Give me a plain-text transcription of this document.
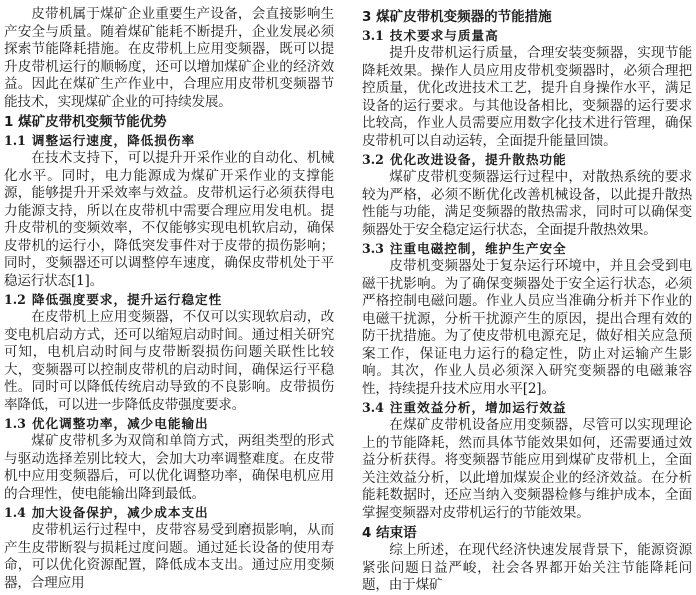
皮带机属于煤矿企业重要生产设备，会直接影响生产安全与质量。随着煤矿能耗不断提升，企业发展必须探索节能降耗措施。在皮带机上应用变频器，既可以提升皮带机运行的顺畅度，还可以增加煤矿企业的经济效益。因此在煤矿生产作业中，合理应用皮带机变频器节能技术，实现煤矿企业的可持续发展。

1 煤矿皮带机变频节能优势
1.1 调整运行速度，降低损伤率

在技术支持下，可以提升开采作业的自动化、机械化水平。同时，电力能源成为煤矿开采作业的支撑能源，能够提升开采效率与效益。皮带机运行必须获得电力能源支持，所以在皮带机中需要合理应用发电机。提升皮带机的变频效率，不仅能够实现电机软启动，确保皮带机的运行小，降低突发事件对于皮带的损伤影响；同时，变频器还可以调整停车速度，确保皮带机处于平稳运行状态[1]。

1.2 降低强度要求，提升运行稳定性

在皮带机上应用变频器，不仅可以实现软启动，改变电机启动方式，还可以缩短启动时间。通过相关研究可知，电机启动时间与皮带断裂损伤问题关联性比较大，变频器可以控制皮带机的启动时间，确保运行平稳性。同时可以降低传统启动导致的不良影响。皮带损伤率降低，可以进一步降低皮带强度要求。

1.3 优化调整功率，减少电能输出

煤矿皮带机多为双筒和单筒方式，两组类型的形式与驱动选择差别比较大，会加大功率调整难度。在皮带机中应用变频器后，可以优化调整功率，确保电机应用的合理性，使电能输出降到最低。

1.4 加大设备保护，减少成本支出

皮带机运行过程中，皮带容易受到磨损影响，从而产生皮带断裂与损耗过度问题。通过延长设备的使用寿命，可以优化资源配置，降低成本支出。通过应用变频器，合理应用

3 煤矿皮带机变频器的节能措施
3.1 技术要求与质量高

提升皮带机运行质量，合理安装变频器，实现节能降耗效果。操作人员应用皮带机变频器时，必须合理把控质量，优化改进技术工艺，提升自身操作水平，满足设备的运行要求。与其他设备相比，变频器的运行要求比较高，作业人员需要应用数字化技术进行管理，确保皮带机可以自动运转，全面提升能量回馈。

3.2 优化改进设备，提升散热功能

煤矿皮带机变频器运行过程中，对散热系统的要求较为严格，必须不断优化改善机械设备，以此提升散热性能与功能，满足变频器的散热需求，同时可以确保变频器处于安全稳定运行状态，全面提升散热效果。

3.3 注重电磁控制，维护生产安全

皮带机变频器处于复杂运行环境中，并且会受到电磁干扰影响。为了确保变频器处于安全运行状态，必须严格控制电磁问题。作业人员应当准确分析并下作业的电磁干扰源，分析干扰源产生的原因，提出合理有效的防干扰措施。为了使皮带机电源充足，做好相关应急预案工作，保证电力运行的稳定性，防止对运输产生影响。其次，作业人员必须深入研究变频器的电磁兼容性，持续提升技术应用水平[2]。

3.4 注重效益分析，增加运行效益

在煤矿皮带机设备应用变频器，尽管可以实现理论上的节能降耗，然而具体节能效果如何，还需要通过效益分析获得。将变频器节能应用到煤矿皮带机上，全面关注效益分析，以此增加煤炭企业的经济效益。在分析能耗数据时，还应当纳入变频器检修与维护成本，全面掌握变频器对皮带机运行的节能效果。

4 结束语

综上所述，在现代经济快速发展背景下，能源资源紧张问题日益严峻，社会各界都开始关注节能降耗问题，由于煤矿
